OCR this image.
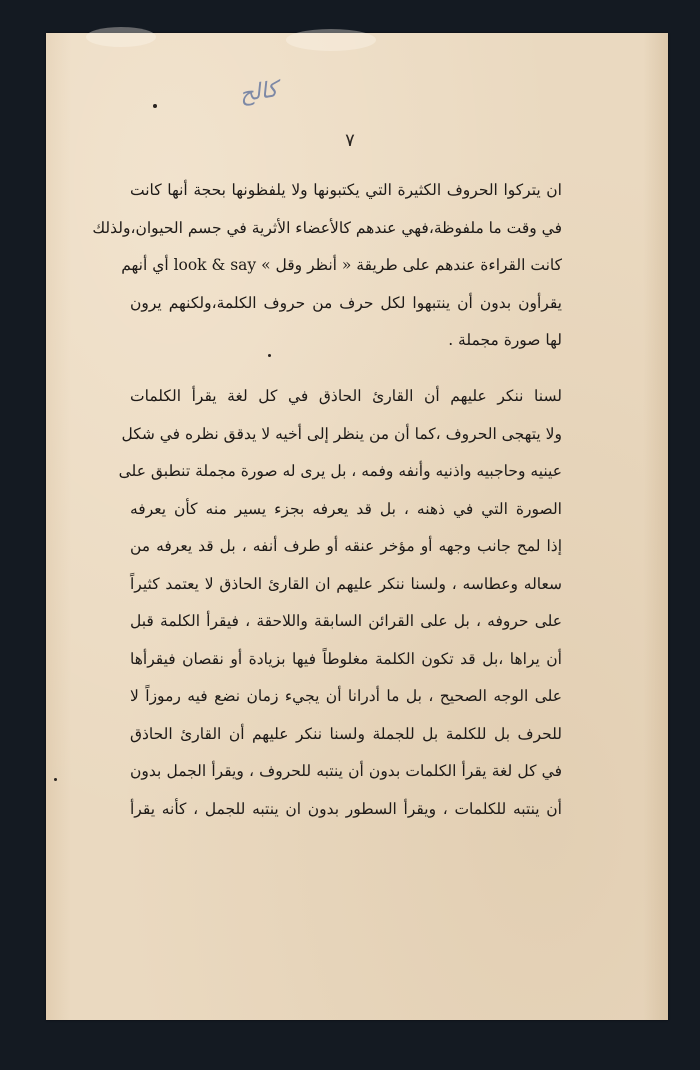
كالح
٧
ان يتركوا الحروف الكثيرة التي يكتبونها ولا يلفظونها بحجة أنها كانت
في وقت ما ملفوظة،فهي عندهم كالأعضاء الأثرية في جسم الحيوان،ولذلك
كانت القراءة عندهم على طريقة « أنظر وقل » look & say أي أنهم
يقرأون بدون أن ينتبهوا لكل حرف من حروف الكلمة،ولكنهم يرون
لها صورة مجملة .
لسنا ننكر عليهم أن القارئ الحاذق في كل لغة يقرأ الكلمات
ولا يتهجى الحروف ،كما أن من ينظر إلى أخيه لا يدقق نظره في شكل
عينيه وحاجبيه واذنيه وأنفه وفمه ، بل يرى له صورة مجملة تنطبق على
الصورة التي في ذهنه ، بل قد يعرفه بجزء يسير منه كأن يعرفه
إذا لمح جانب وجهه أو مؤخر عنقه أو طرف أنفه ، بل قد يعرفه من
سعاله وعطاسه ، ولسنا ننكر عليهم ان القارئ الحاذق لا يعتمد كثيراً
على حروفه ، بل على القرائن السابقة واللاحقة ، فيقرأ الكلمة قبل
أن يراها ،بل قد تكون الكلمة مغلوطاً فيها بزيادة أو نقصان فيقرأها
على الوجه الصحيح ، بل ما أدرانا أن يجيء زمان نضع فيه رموزاً لا
للحرف بل للكلمة بل للجملة ولسنا ننكر عليهم أن القارئ الحاذق
في كل لغة يقرأ الكلمات بدون أن ينتبه للحروف ، ويقرأ الجمل بدون
أن ينتبه للكلمات ، ويقرأ السطور بدون ان ينتبه للجمل ، كأنه يقرأ
